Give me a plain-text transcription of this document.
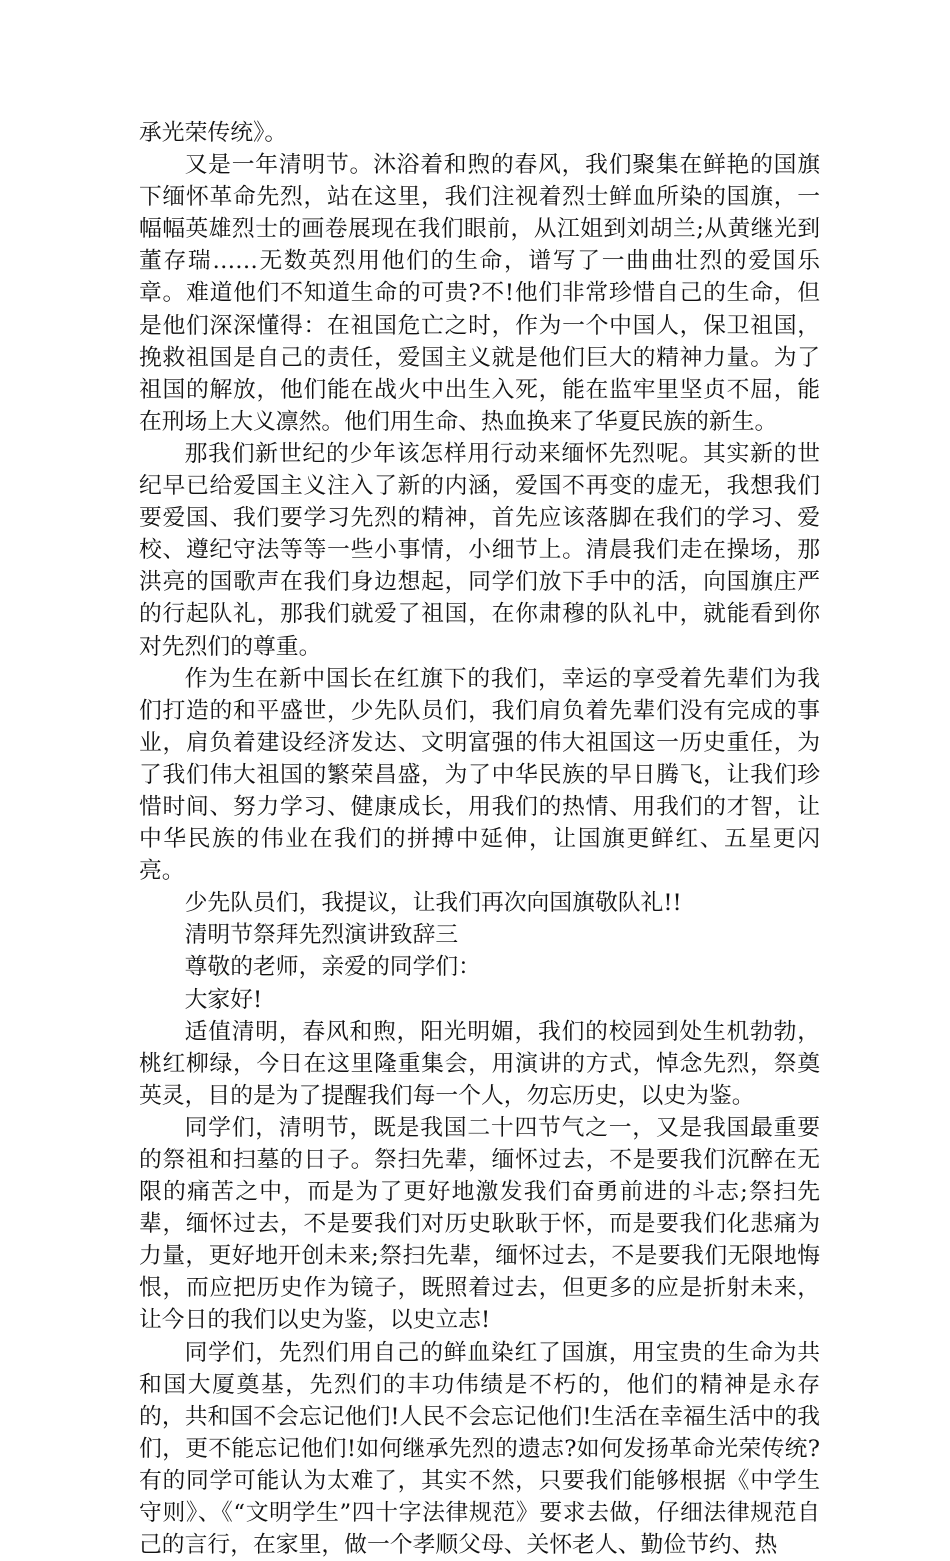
承光荣传统》。

又是一年清明节。沐浴着和煦的春风，我们聚集在鲜艳的国旗下缅怀革命先烈，站在这里，我们注视着烈士鲜血所染的国旗，一幅幅英雄烈士的画卷展现在我们眼前，从江姐到刘胡兰;从黄继光到董存瑞……无数英烈用他们的生命，谱写了一曲曲壮烈的爱国乐章。难道他们不知道生命的可贵?不!他们非常珍惜自己的生命，但是他们深深懂得：在祖国危亡之时，作为一个中国人，保卫祖国，挽救祖国是自己的责任，爱国主义就是他们巨大的精神力量。为了祖国的解放，他们能在战火中出生入死，能在监牢里坚贞不屈，能在刑场上大义凛然。他们用生命、热血换来了华夏民族的新生。

那我们新世纪的少年该怎样用行动来缅怀先烈呢。其实新的世纪早已给爱国主义注入了新的内涵，爱国不再变的虚无，我想我们要爱国、我们要学习先烈的精神，首先应该落脚在我们的学习、爱校、遵纪守法等等一些小事情，小细节上。清晨我们走在操场，那洪亮的国歌声在我们身边想起，同学们放下手中的活，向国旗庄严的行起队礼，那我们就爱了祖国，在你肃穆的队礼中，就能看到你对先烈们的尊重。

作为生在新中国长在红旗下的我们，幸运的享受着先辈们为我们打造的和平盛世，少先队员们，我们肩负着先辈们没有完成的事业，肩负着建设经济发达、文明富强的伟大祖国这一历史重任，为了我们伟大祖国的繁荣昌盛，为了中华民族的早日腾飞，让我们珍惜时间、努力学习、健康成长，用我们的热情、用我们的才智，让中华民族的伟业在我们的拼搏中延伸，让国旗更鲜红、五星更闪亮。

少先队员们，我提议，让我们再次向国旗敬队礼!!

清明节祭拜先烈演讲致辞三

尊敬的老师，亲爱的同学们：

大家好!

适值清明，春风和煦，阳光明媚，我们的校园到处生机勃勃，桃红柳绿，今日在这里隆重集会，用演讲的方式，悼念先烈，祭奠英灵，目的是为了提醒我们每一个人，勿忘历史，以史为鉴。

同学们，清明节，既是我国二十四节气之一，又是我国最重要的祭祖和扫墓的日子。祭扫先辈，缅怀过去，不是要我们沉醉在无限的痛苦之中，而是为了更好地激发我们奋勇前进的斗志;祭扫先辈，缅怀过去，不是要我们对历史耿耿于怀，而是要我们化悲痛为力量，更好地开创未来;祭扫先辈，缅怀过去，不是要我们无限地悔恨，而应把历史作为镜子，既照着过去，但更多的应是折射未来，让今日的我们以史为鉴，以史立志!

同学们，先烈们用自己的鲜血染红了国旗，用宝贵的生命为共和国大厦奠基，先烈们的丰功伟绩是不朽的，他们的精神是永存的，共和国不会忘记他们!人民不会忘记他们!生活在幸福生活中的我们，更不能忘记他们!如何继承先烈的遗志?如何发扬革命光荣传统?有的同学可能认为太难了，其实不然，只要我们能够根据《中学生守则》、《“文明学生”四十字法律规范》要求去做，仔细法律规范自己的言行，在家里，做一个孝顺父母、关怀老人、勤俭节约、热
